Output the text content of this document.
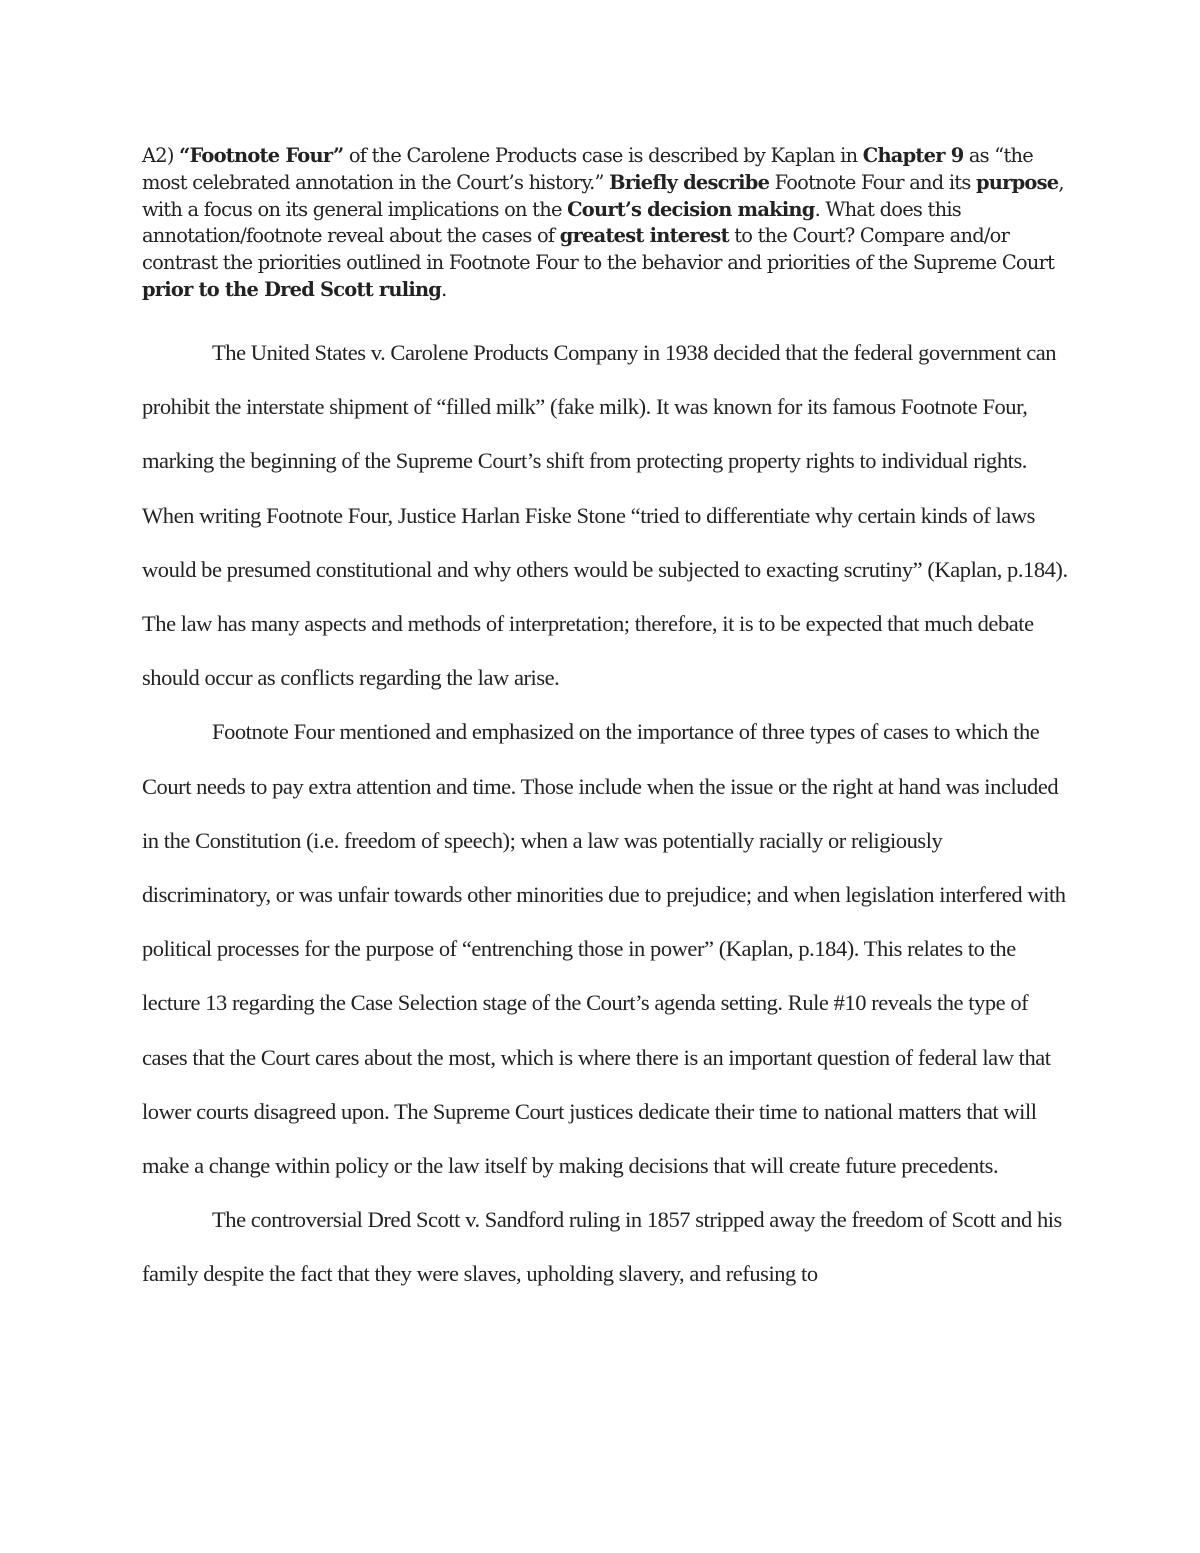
A2) “Footnote Four” of the Carolene Products case is described by Kaplan in Chapter 9 as “the most celebrated annotation in the Court’s history.” Briefly describe Footnote Four and its purpose, with a focus on its general implications on the Court’s decision making. What does this annotation/footnote reveal about the cases of greatest interest to the Court? Compare and/or contrast the priorities outlined in Footnote Four to the behavior and priorities of the Supreme Court prior to the Dred Scott ruling.

The United States v. Carolene Products Company in 1938 decided that the federal government can prohibit the interstate shipment of “filled milk” (fake milk). It was known for its famous Footnote Four, marking the beginning of the Supreme Court’s shift from protecting property rights to individual rights. When writing Footnote Four, Justice Harlan Fiske Stone “tried to differentiate why certain kinds of laws would be presumed constitutional and why others would be subjected to exacting scrutiny” (Kaplan, p.184). The law has many aspects and methods of interpretation; therefore, it is to be expected that much debate should occur as conflicts regarding the law arise.

Footnote Four mentioned and emphasized on the importance of three types of cases to which the Court needs to pay extra attention and time. Those include when the issue or the right at hand was included in the Constitution (i.e. freedom of speech); when a law was potentially racially or religiously discriminatory, or was unfair towards other minorities due to prejudice; and when legislation interfered with political processes for the purpose of “entrenching those in power” (Kaplan, p.184). This relates to the lecture 13 regarding the Case Selection stage of the Court’s agenda setting. Rule #10 reveals the type of cases that the Court cares about the most, which is where there is an important question of federal law that lower courts disagreed upon. The Supreme Court justices dedicate their time to national matters that will make a change within policy or the law itself by making decisions that will create future precedents.

The controversial Dred Scott v. Sandford ruling in 1857 stripped away the freedom of Scott and his family despite the fact that they were slaves, upholding slavery, and refusing to
